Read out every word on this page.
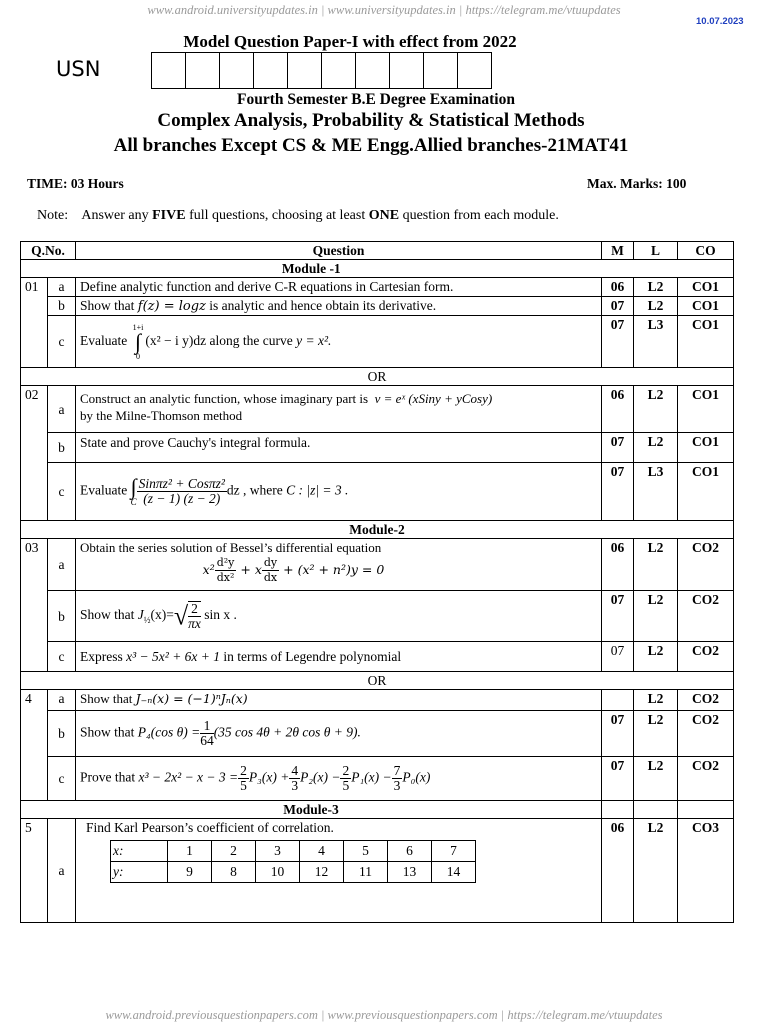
www.android.universityupdates.in | www.universityupdates.in | https://telegram.me/vtuupdates
10.07.2023
Model Question Paper-I with effect from 2022
USN
Fourth Semester B.E Degree Examination
Complex Analysis, Probability & Statistical Methods
All branches Except CS & ME Engg.Allied branches-21MAT41
TIME: 03 Hours	Max. Marks: 100
Note: Answer any FIVE full questions, choosing at least ONE question from each module.
Q.No.	Question	M	L	CO
Module -1	
01	a	Define analytic function and derive C-R equations in Cartesian form.	06	L2	CO1
b	Show that f(z) = logz is analytic and hence obtain its derivative.	07	L2	CO1
c	Evaluate
1+i
∫
0
(x² − i y)dz along the curve y = x².	07	L3	CO1
OR
02	a	Construct an analytic function, whose imaginary part is v = eˣ (xSiny + yCosy)
by the Milne-Thomson method	06	L2	CO1
b	State and prove Cauchy's integral formula.	07	L2	CO1
c	Evaluate ∫
C $\frac{\text{Sinπz² + Cosπz²}}{(z - 1) (z - 2)}$ dz , where C : |z| = 3 .	07	L3	CO1
Module-2
03	a	
Obtain the series solution of Bessel’s differential equation
$x^2 \frac{\text{d²y}}{\text{dx²}} + x \frac{dy}{dx} + (x^2 + n^2)y = 0$
	06	L2	CO2
b	Show that $J_{\frac{1}{2}}(x)=√ \frac{2}{\pi x}$ sin x .	07	L2	CO2
c	Express x³ − 5x² + 6x + 1 in terms of Legendre polynomial	07	L2	CO2
OR
4	a	Show that J₋ₙ(x) = (−1)ⁿJₙ(x)		L2	CO2
b	Show that P₄(cos $\theta) = \frac{1}{64} (35$ cos 4θ + 2θ cos θ + 9).	07	L2	CO2
c	Prove that $x^3 - 2x^2 - x - 3 = \frac{2}{5} P_3(x) + \frac{4}{3} P_2(x) - \frac{2}{5} P_1(x) - \frac{7}{3} P_0(x)$	07	L2	CO2
Module-3			
5	a	
Find Karl Pearson’s coefficient of correlation.
x:	1	2	3	4	5	6	7
y:	9	8	10	12	11	13	14
	06	L2	CO3
www.android.previousquestionpapers.com | www.previousquestionpapers.com | https://telegram.me/vtuupdates
